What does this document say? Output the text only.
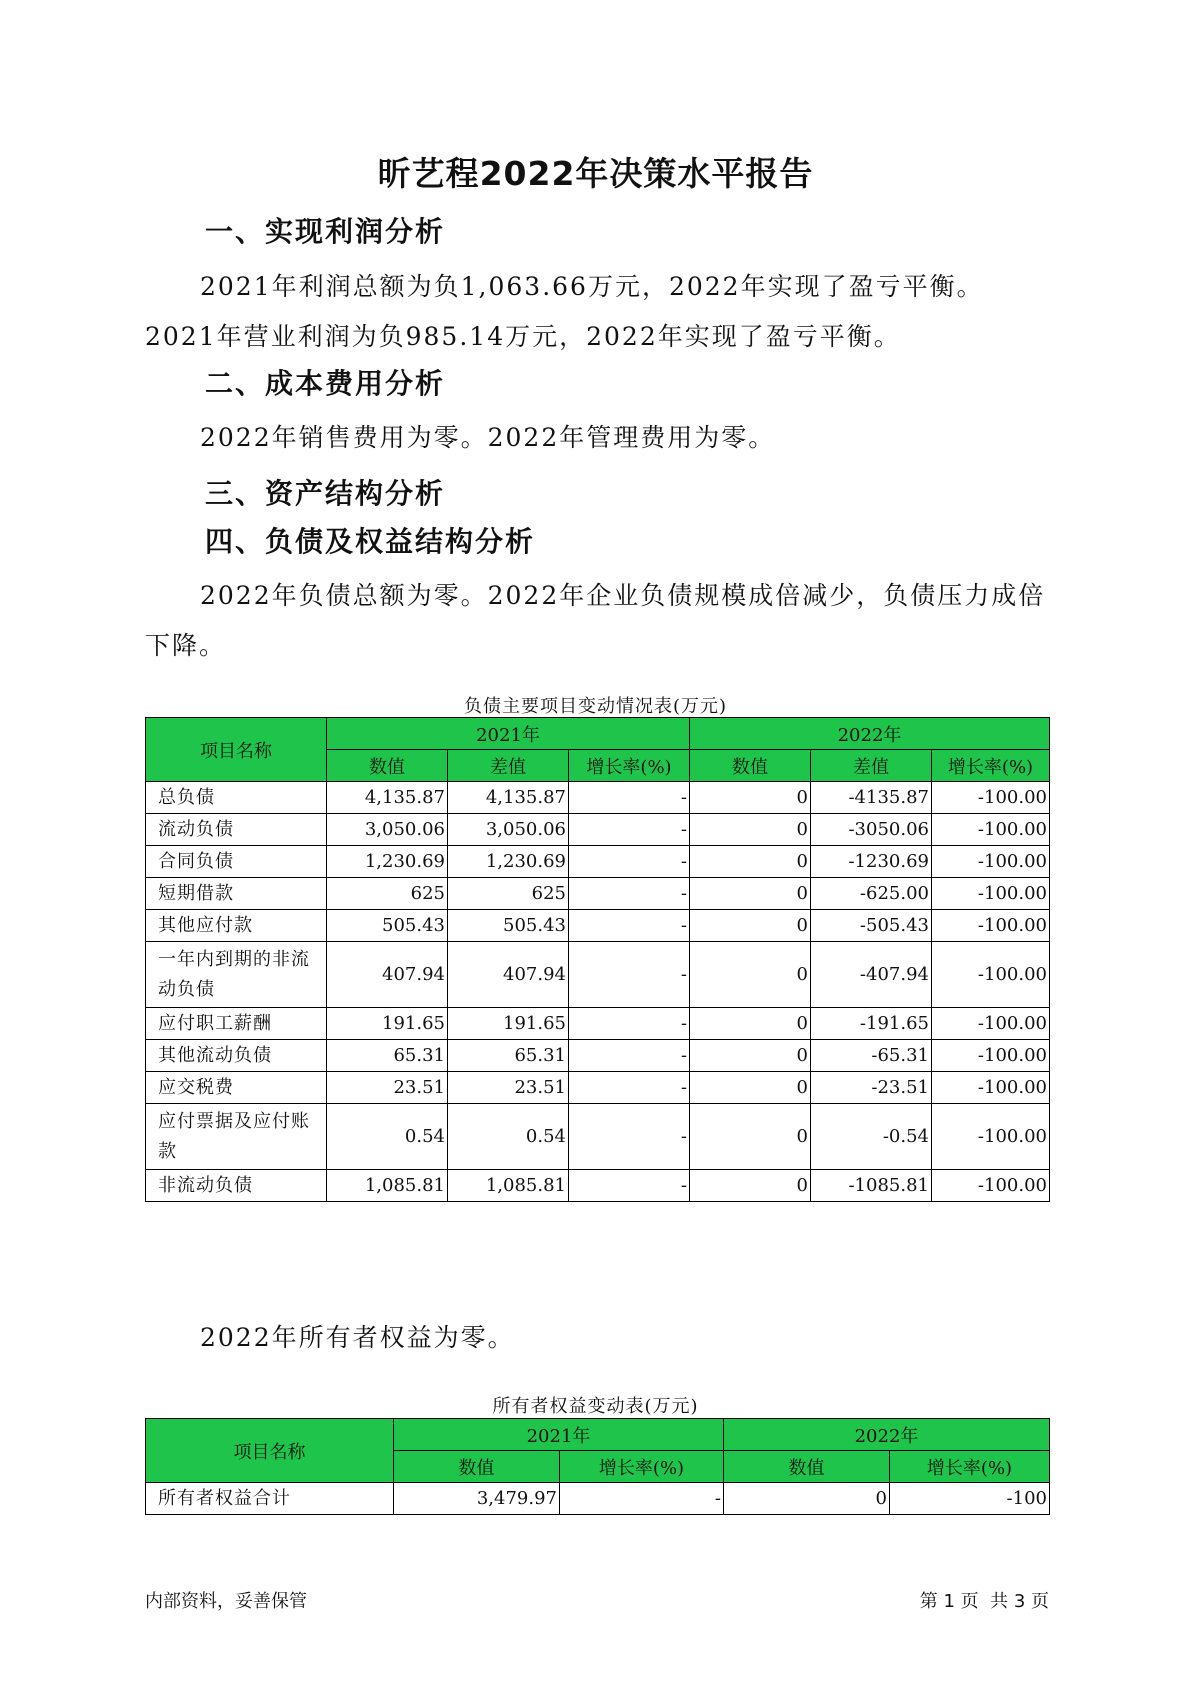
昕艺程2022年决策水平报告
一、实现利润分析

2021年利润总额为负1,063.66万元，2022年实现了盈亏平衡。2021年营业利润为负985.14万元，2022年实现了盈亏平衡。

二、成本费用分析

2022年销售费用为零。2022年管理费用为零。

三、资产结构分析
四、负债及权益结构分析

2022年负债总额为零。2022年企业负债规模成倍减少，负债压力成倍下降。

负债主要项目变动情况表(万元)
项目名称	2021年			2022年		
	数值	差值	增长率(%)	数值	差值	增长率(%)
总负债	4,135.87	4,135.87	-	0	-4135.87	-100.00
流动负债	3,050.06	3,050.06	-	0	-3050.06	-100.00
合同负债	1,230.69	1,230.69	-	0	-1230.69	-100.00
短期借款	625	625	-	0	-625.00	-100.00
其他应付款	505.43	505.43	-	0	-505.43	-100.00
一年内到期的非流动负债	407.94	407.94	-	0	-407.94	-100.00
应付职工薪酬	191.65	191.65	-	0	-191.65	-100.00
其他流动负债	65.31	65.31	-	0	-65.31	-100.00
应交税费	23.51	23.51	-	0	-23.51	-100.00
应付票据及应付账款	0.54	0.54	-	0	-0.54	-100.00
非流动负债	1,085.81	1,085.81	-	0	-1085.81	-100.00

2022年所有者权益为零。

所有者权益变动表(万元)
项目名称	2021年		2022年	
	数值	增长率(%)	数值	增长率(%)
所有者权益合计	3,479.97	-	0	-100
内部资料，妥善保管	第 1 页  共 3 页
